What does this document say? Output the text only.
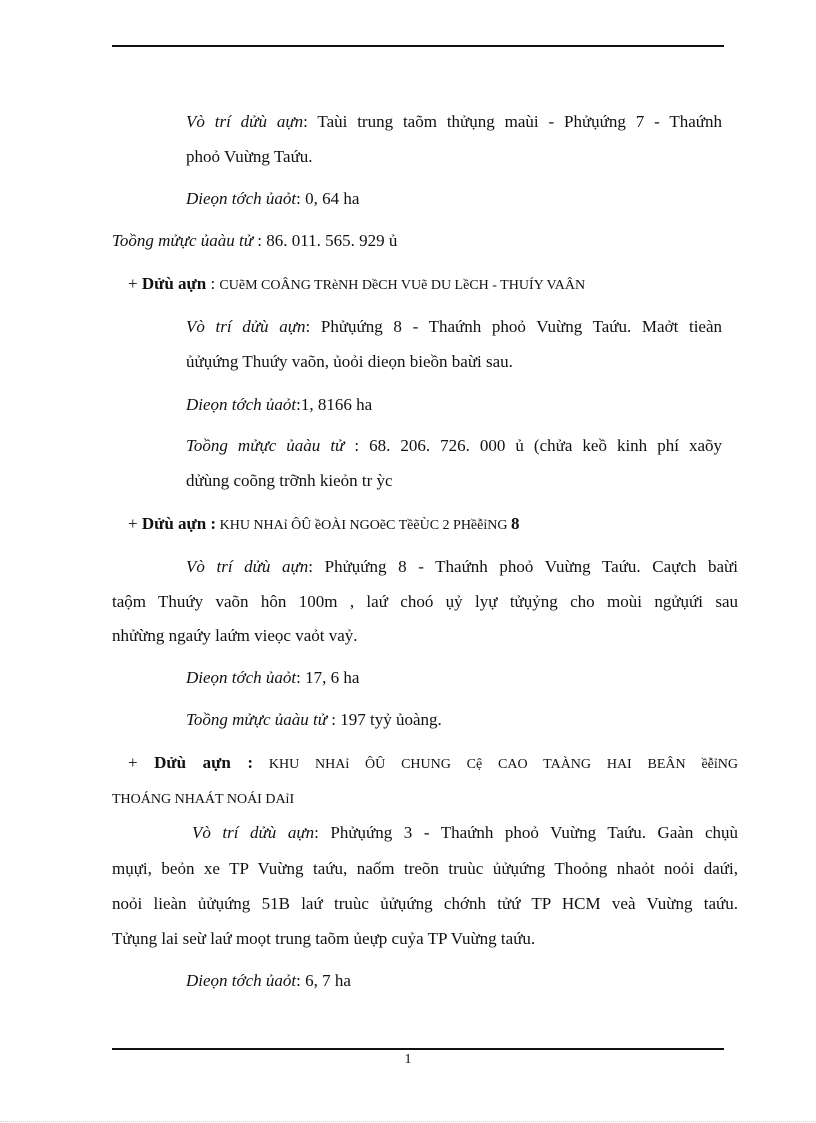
Vò trí dửù aựn: Taùi trung taõm thửụng maùi - Phửụứng 7 - Thaứnh
phoỏ Vuừng Taứu.
Dieọn tớch ủaỏt: 0, 64 ha
Toồng mửực ủaàu tử : 86. 011. 565. 929 ủ
+ Dửù aựn : CUẽM COÂNG TRèNH DềCH VUẽ DU LềCH - THUÍY VAÂN
Vò trí dửù aựn: Phửụứng 8 - Thaứnh phoỏ Vuừng Taứu. Maởt tieàn
ủửụứng Thuứy vaõn, ủoỏi dieọn bieồn baừi sau.
Dieọn tớch ủaỏt:1, 8166 ha
Toồng mửực ủaàu tử : 68. 206. 726. 000 ủ (chửa keồ kinh phí xaõy
dửùng coõng trỡnh kieỏn tr ỳc
+ Dửù aựn : KHU NHAỉ ÔÛ ềOÀI NGOẽC TềẽÙC 2 PHềễỉNG 8
Vò trí dửù aựn: Phửụứng 8 - Thaứnh phoỏ Vuừng Taứu. Caựch baừi
taộm Thuứy vaõn hôn 100m , laứ choó ụỷ lyự tửụỷng cho moùi ngửụứi sau
nhửừng ngaứy laứm vieọc vaỏt vaỷ.
Dieọn tớch ủaỏt: 17, 6 ha
Toồng mửực ủaàu tử : 197 tyỷ ủoàng.
+ Dửù aựn : KHU NHAỉ ÔÛ CHUNG Cệ CAO TAÀNG HAI BEÂN ềễỉNG
THOÁNG NHAÁT NOÁI DAỉI
Vò trí dửù aựn: Phửụứng 3 - Thaứnh phoỏ Vuừng Taứu. Gaàn chụù
mụựi, beỏn xe TP Vuừng taứu, naốm treõn truùc ủửụứng Thoỏng nhaỏt noỏi daứi,
noỏi lieàn ủửụứng 51B laứ truùc ủửụứng chớnh tửứ TP HCM veà Vuừng taứu.
Tửụng lai seừ laứ moọt trung taõm ủeựp cuỷa TP Vuừng taứu.
Dieọn tớch ủaỏt: 6, 7 ha
1
